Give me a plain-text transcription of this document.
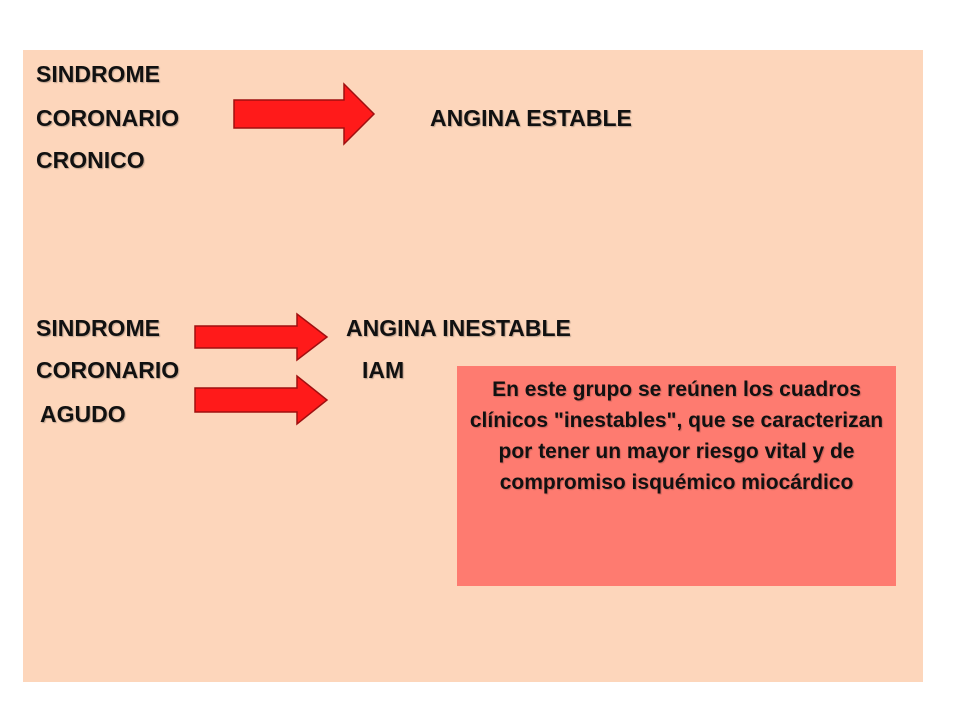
SINDROME
CORONARIO
CRONICO
ANGINA ESTABLE
SINDROME
CORONARIO
AGUDO
ANGINA INESTABLE
IAM
En este grupo se reúnen los cuadros clínicos "inestables", que se caracterizan por tener un mayor riesgo vital y de compromiso isquémico miocárdico
